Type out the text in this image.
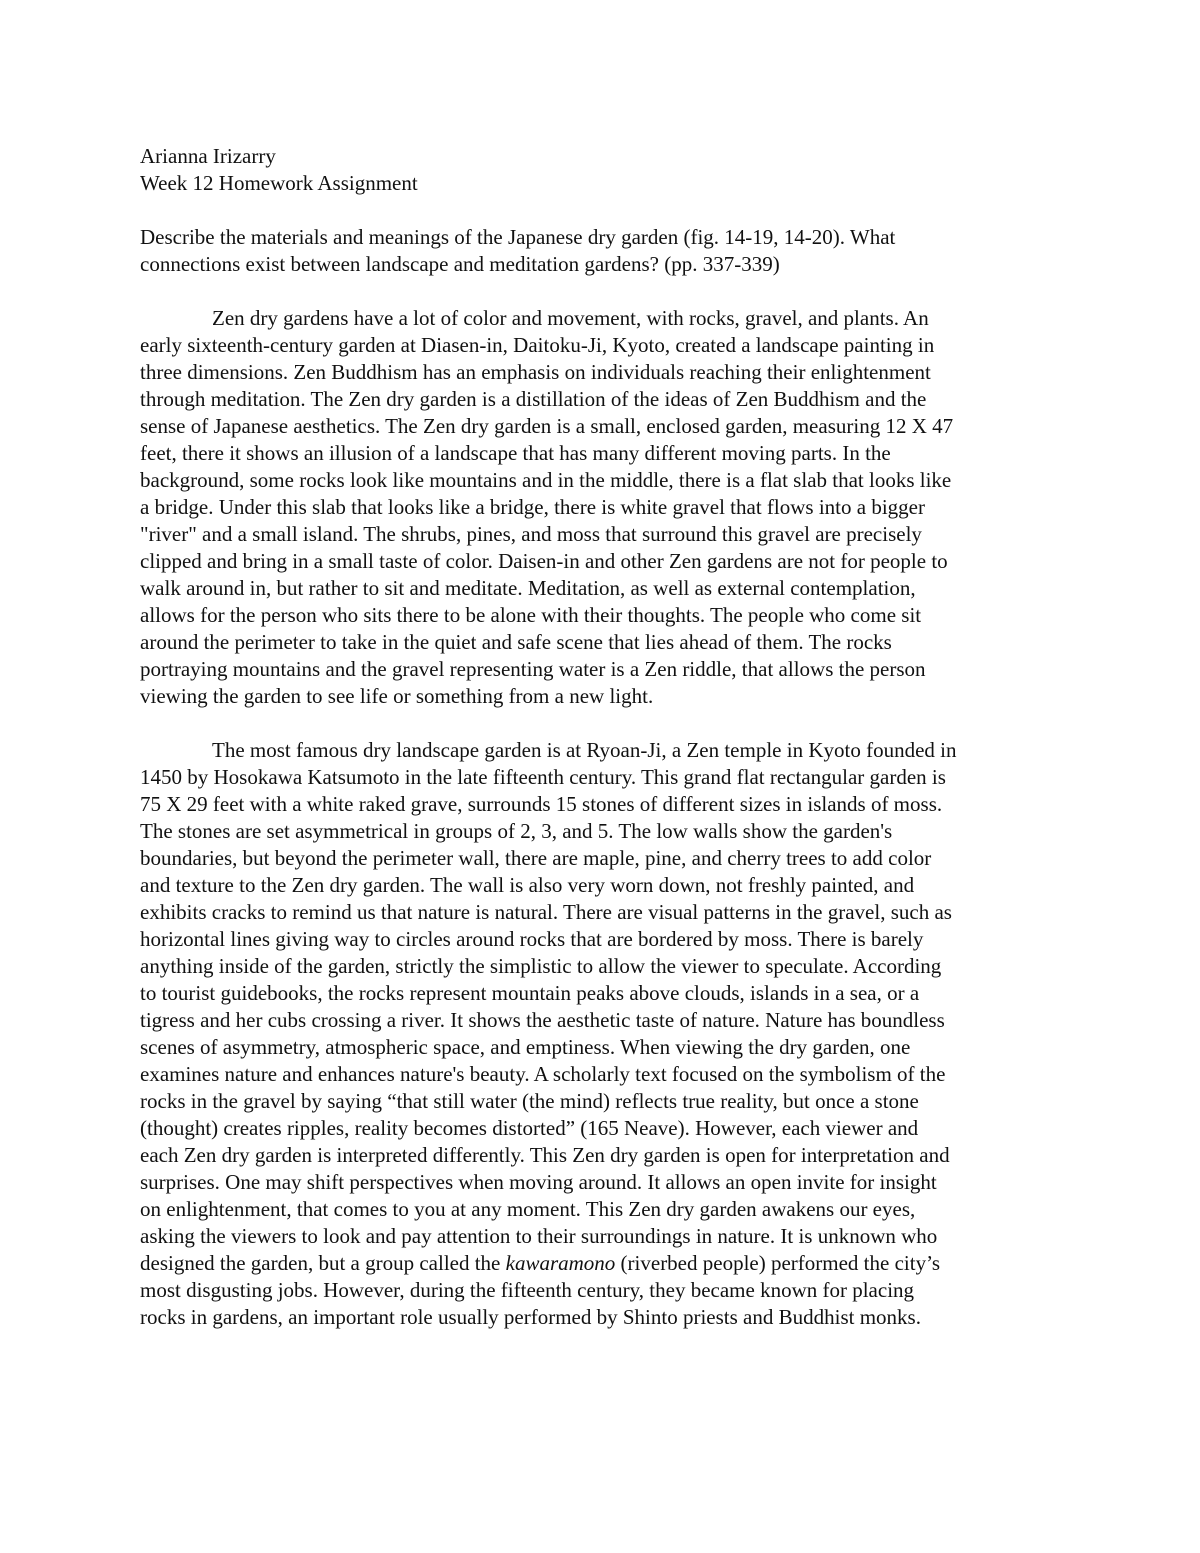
Arianna Irizarry
Week 12 Homework Assignment
Describe the materials and meanings of the Japanese dry garden (fig. 14-19, 14-20). What
connections exist between landscape and meditation gardens? (pp. 337-339)
Zen dry gardens have a lot of color and movement, with rocks, gravel, and plants. An
early sixteenth-century garden at Diasen-in, Daitoku-Ji, Kyoto, created a landscape painting in
three dimensions. Zen Buddhism has an emphasis on individuals reaching their enlightenment
through meditation. The Zen dry garden is a distillation of the ideas of Zen Buddhism and the
sense of Japanese aesthetics. The Zen dry garden is a small, enclosed garden, measuring 12 X 47
feet, there it shows an illusion of a landscape that has many different moving parts. In the
background, some rocks look like mountains and in the middle, there is a flat slab that looks like
a bridge. Under this slab that looks like a bridge, there is white gravel that flows into a bigger
"river" and a small island. The shrubs, pines, and moss that surround this gravel are precisely
clipped and bring in a small taste of color. Daisen-in and other Zen gardens are not for people to
walk around in, but rather to sit and meditate. Meditation, as well as external contemplation,
allows for the person who sits there to be alone with their thoughts. The people who come sit
around the perimeter to take in the quiet and safe scene that lies ahead of them. The rocks
portraying mountains and the gravel representing water is a Zen riddle, that allows the person
viewing the garden to see life or something from a new light.
The most famous dry landscape garden is at Ryoan-Ji, a Zen temple in Kyoto founded in
1450 by Hosokawa Katsumoto in the late fifteenth century. This grand flat rectangular garden is
75 X 29 feet with a white raked grave, surrounds 15 stones of different sizes in islands of moss.
The stones are set asymmetrical in groups of 2, 3, and 5. The low walls show the garden's
boundaries, but beyond the perimeter wall, there are maple, pine, and cherry trees to add color
and texture to the Zen dry garden. The wall is also very worn down, not freshly painted, and
exhibits cracks to remind us that nature is natural. There are visual patterns in the gravel, such as
horizontal lines giving way to circles around rocks that are bordered by moss. There is barely
anything inside of the garden, strictly the simplistic to allow the viewer to speculate. According
to tourist guidebooks, the rocks represent mountain peaks above clouds, islands in a sea, or a
tigress and her cubs crossing a river. It shows the aesthetic taste of nature. Nature has boundless
scenes of asymmetry, atmospheric space, and emptiness. When viewing the dry garden, one
examines nature and enhances nature's beauty. A scholarly text focused on the symbolism of the
rocks in the gravel by saying “that still water (the mind) reflects true reality, but once a stone
(thought) creates ripples, reality becomes distorted” (165 Neave). However, each viewer and
each Zen dry garden is interpreted differently. This Zen dry garden is open for interpretation and
surprises. One may shift perspectives when moving around. It allows an open invite for insight
on enlightenment, that comes to you at any moment. This Zen dry garden awakens our eyes,
asking the viewers to look and pay attention to their surroundings in nature. It is unknown who
designed the garden, but a group called the kawaramono (riverbed people) performed the city’s
most disgusting jobs. However, during the fifteenth century, they became known for placing
rocks in gardens, an important role usually performed by Shinto priests and Buddhist monks.
